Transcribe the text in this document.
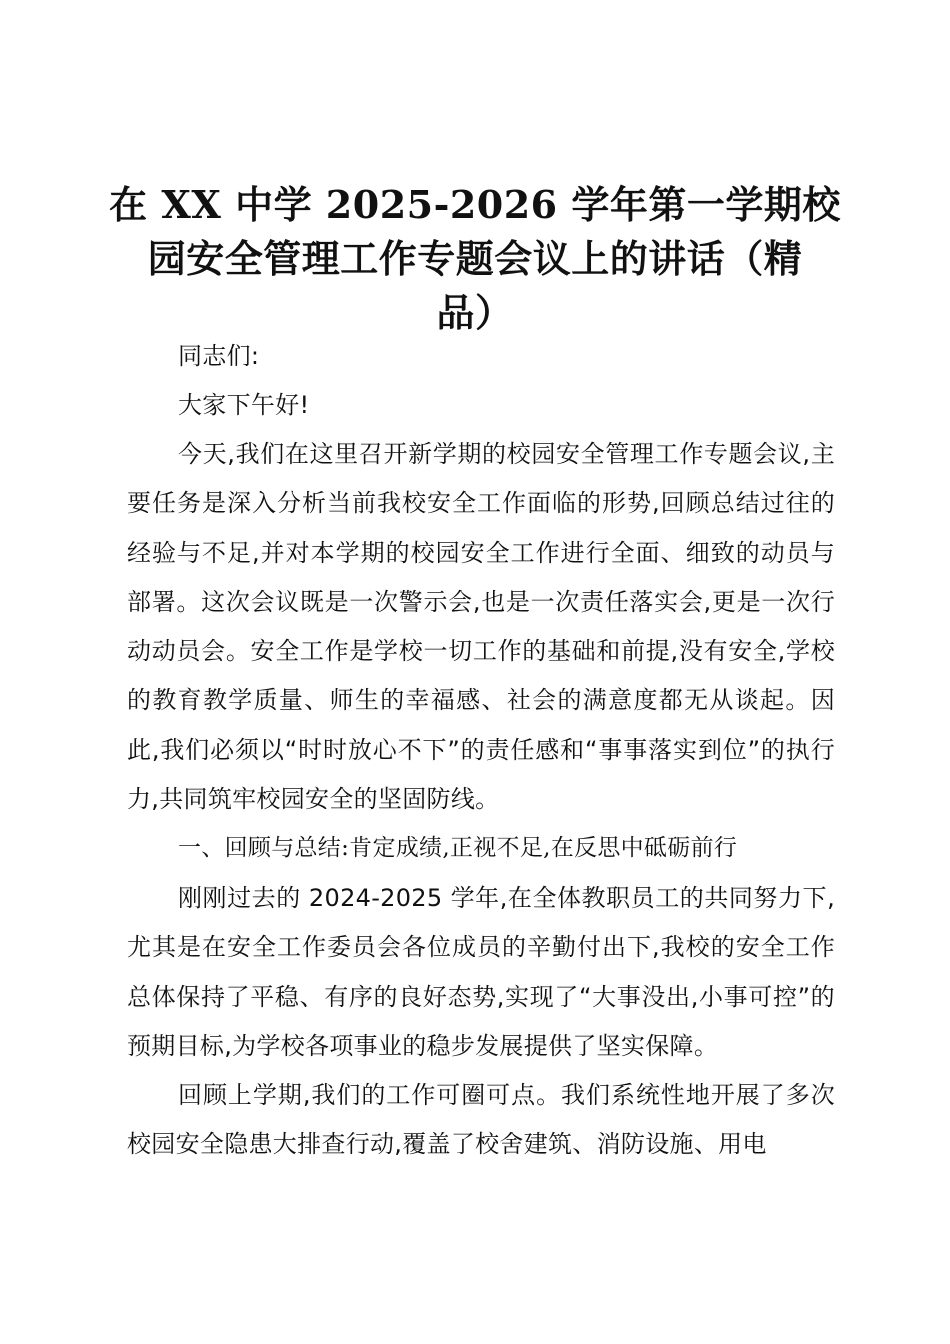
在 XX 中学 2025-2026 学年第一学期校
园安全管理工作专题会议上的讲话（精
品）

同志们:

大家下午好!

今天,我们在这里召开新学期的校园安全管理工作专题会议,主要任务是深入分析当前我校安全工作面临的形势,回顾总结过往的经验与不足,并对本学期的校园安全工作进行全面、细致的动员与部署。这次会议既是一次警示会,也是一次责任落实会,更是一次行动动员会。安全工作是学校一切工作的基础和前提,没有安全,学校的教育教学质量、师生的幸福感、社会的满意度都无从谈起。因此,我们必须以“时时放心不下”的责任感和“事事落实到位”的执行力,共同筑牢校园安全的坚固防线。

一、回顾与总结:肯定成绩,正视不足,在反思中砥砺前行

刚刚过去的 2024-2025 学年,在全体教职员工的共同努力下,尤其是在安全工作委员会各位成员的辛勤付出下,我校的安全工作总体保持了平稳、有序的良好态势,实现了“大事没出,小事可控”的预期目标,为学校各项事业的稳步发展提供了坚实保障。

回顾上学期,我们的工作可圈可点。我们系统性地开展了多次校园安全隐患大排查行动,覆盖了校舍建筑、消防设施、用电
